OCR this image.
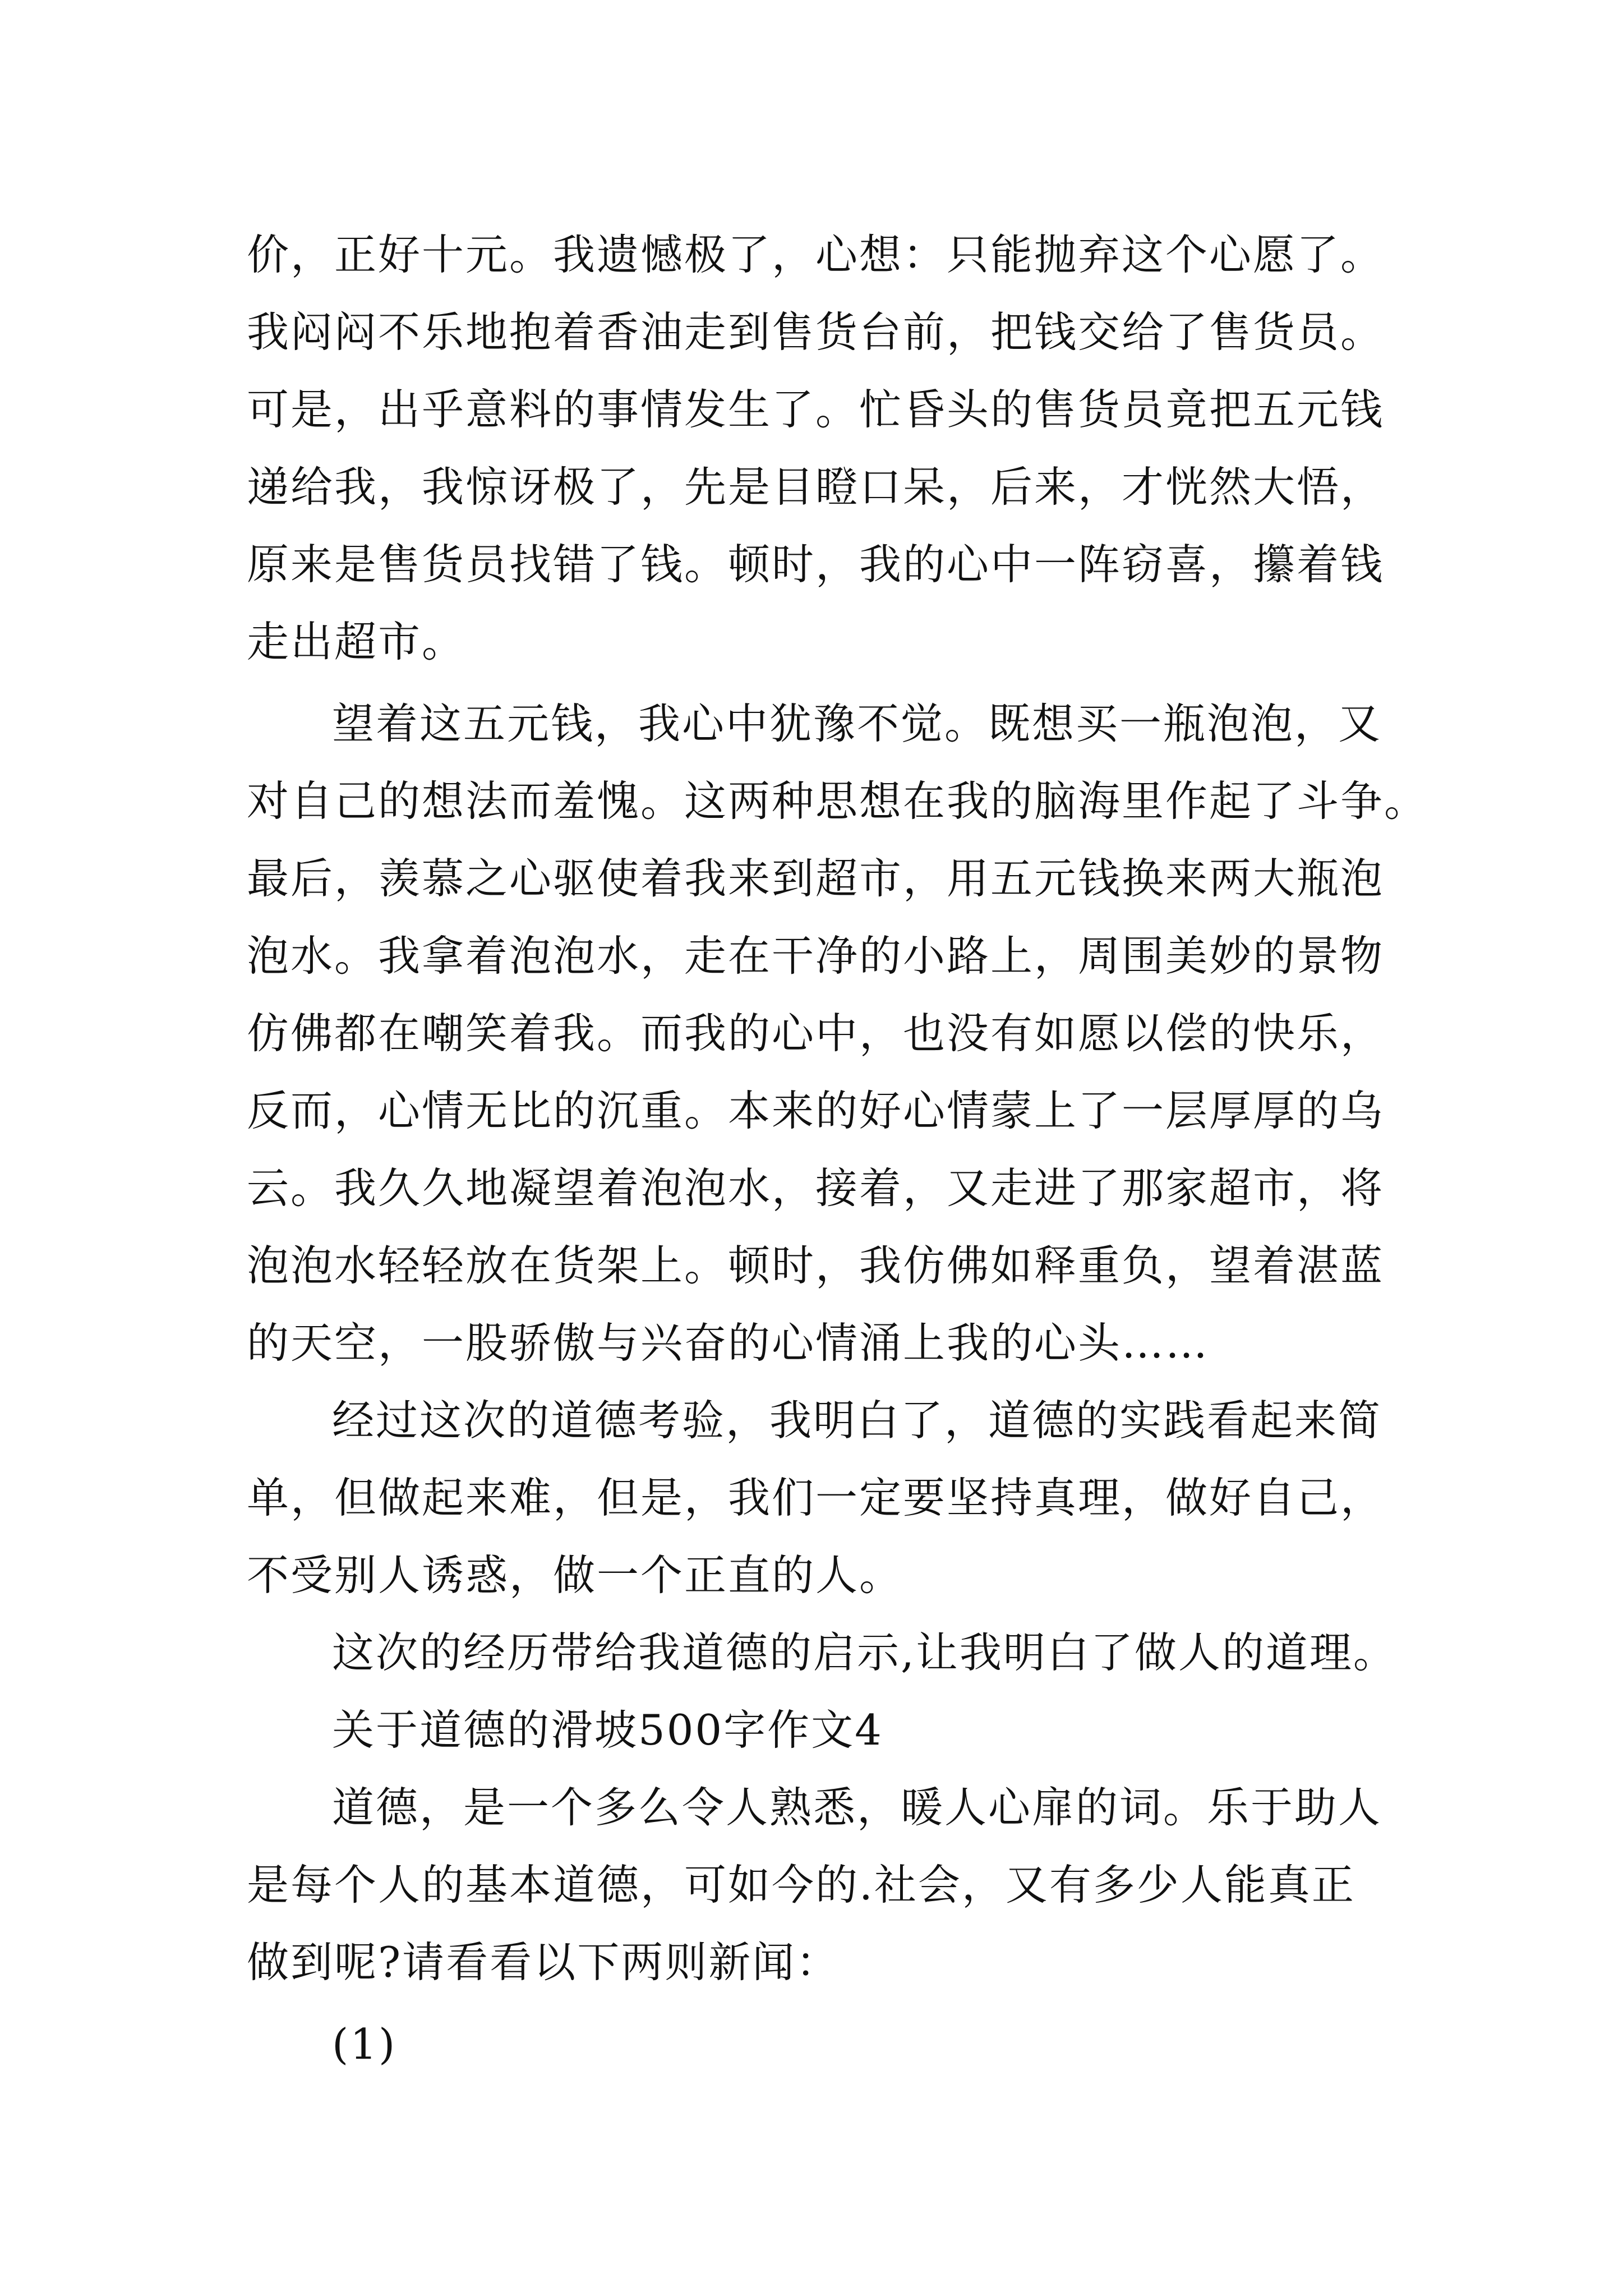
价，正好十元。我遗憾极了，心想：只能抛弃这个心愿了。
我闷闷不乐地抱着香油走到售货台前，把钱交给了售货员。
可是，出乎意料的事情发生了。忙昏头的售货员竟把五元钱
递给我，我惊讶极了，先是目瞪口呆，后来，才恍然大悟，
原来是售货员找错了钱。顿时，我的心中一阵窃喜，攥着钱
走出超市。
望着这五元钱，我心中犹豫不觉。既想买一瓶泡泡，又
对自己的想法而羞愧。这两种思想在我的脑海里作起了斗争。
最后，羡慕之心驱使着我来到超市，用五元钱换来两大瓶泡
泡水。我拿着泡泡水，走在干净的小路上，周围美妙的景物
仿佛都在嘲笑着我。而我的心中，也没有如愿以偿的快乐，
反而，心情无比的沉重。本来的好心情蒙上了一层厚厚的乌
云。我久久地凝望着泡泡水，接着，又走进了那家超市，将
泡泡水轻轻放在货架上。顿时，我仿佛如释重负，望着湛蓝
的天空，一股骄傲与兴奋的心情涌上我的心头……
经过这次的道德考验，我明白了，道德的实践看起来简
单，但做起来难，但是，我们一定要坚持真理，做好自己，
不受别人诱惑，做一个正直的人。
这次的经历带给我道德的启示,让我明白了做人的道理。
关于道德的滑坡500字作文4
道德，是一个多么令人熟悉，暖人心扉的词。乐于助人
是每个人的基本道德，可如今的.社会，又有多少人能真正
做到呢?请看看以下两则新闻：
(1)
